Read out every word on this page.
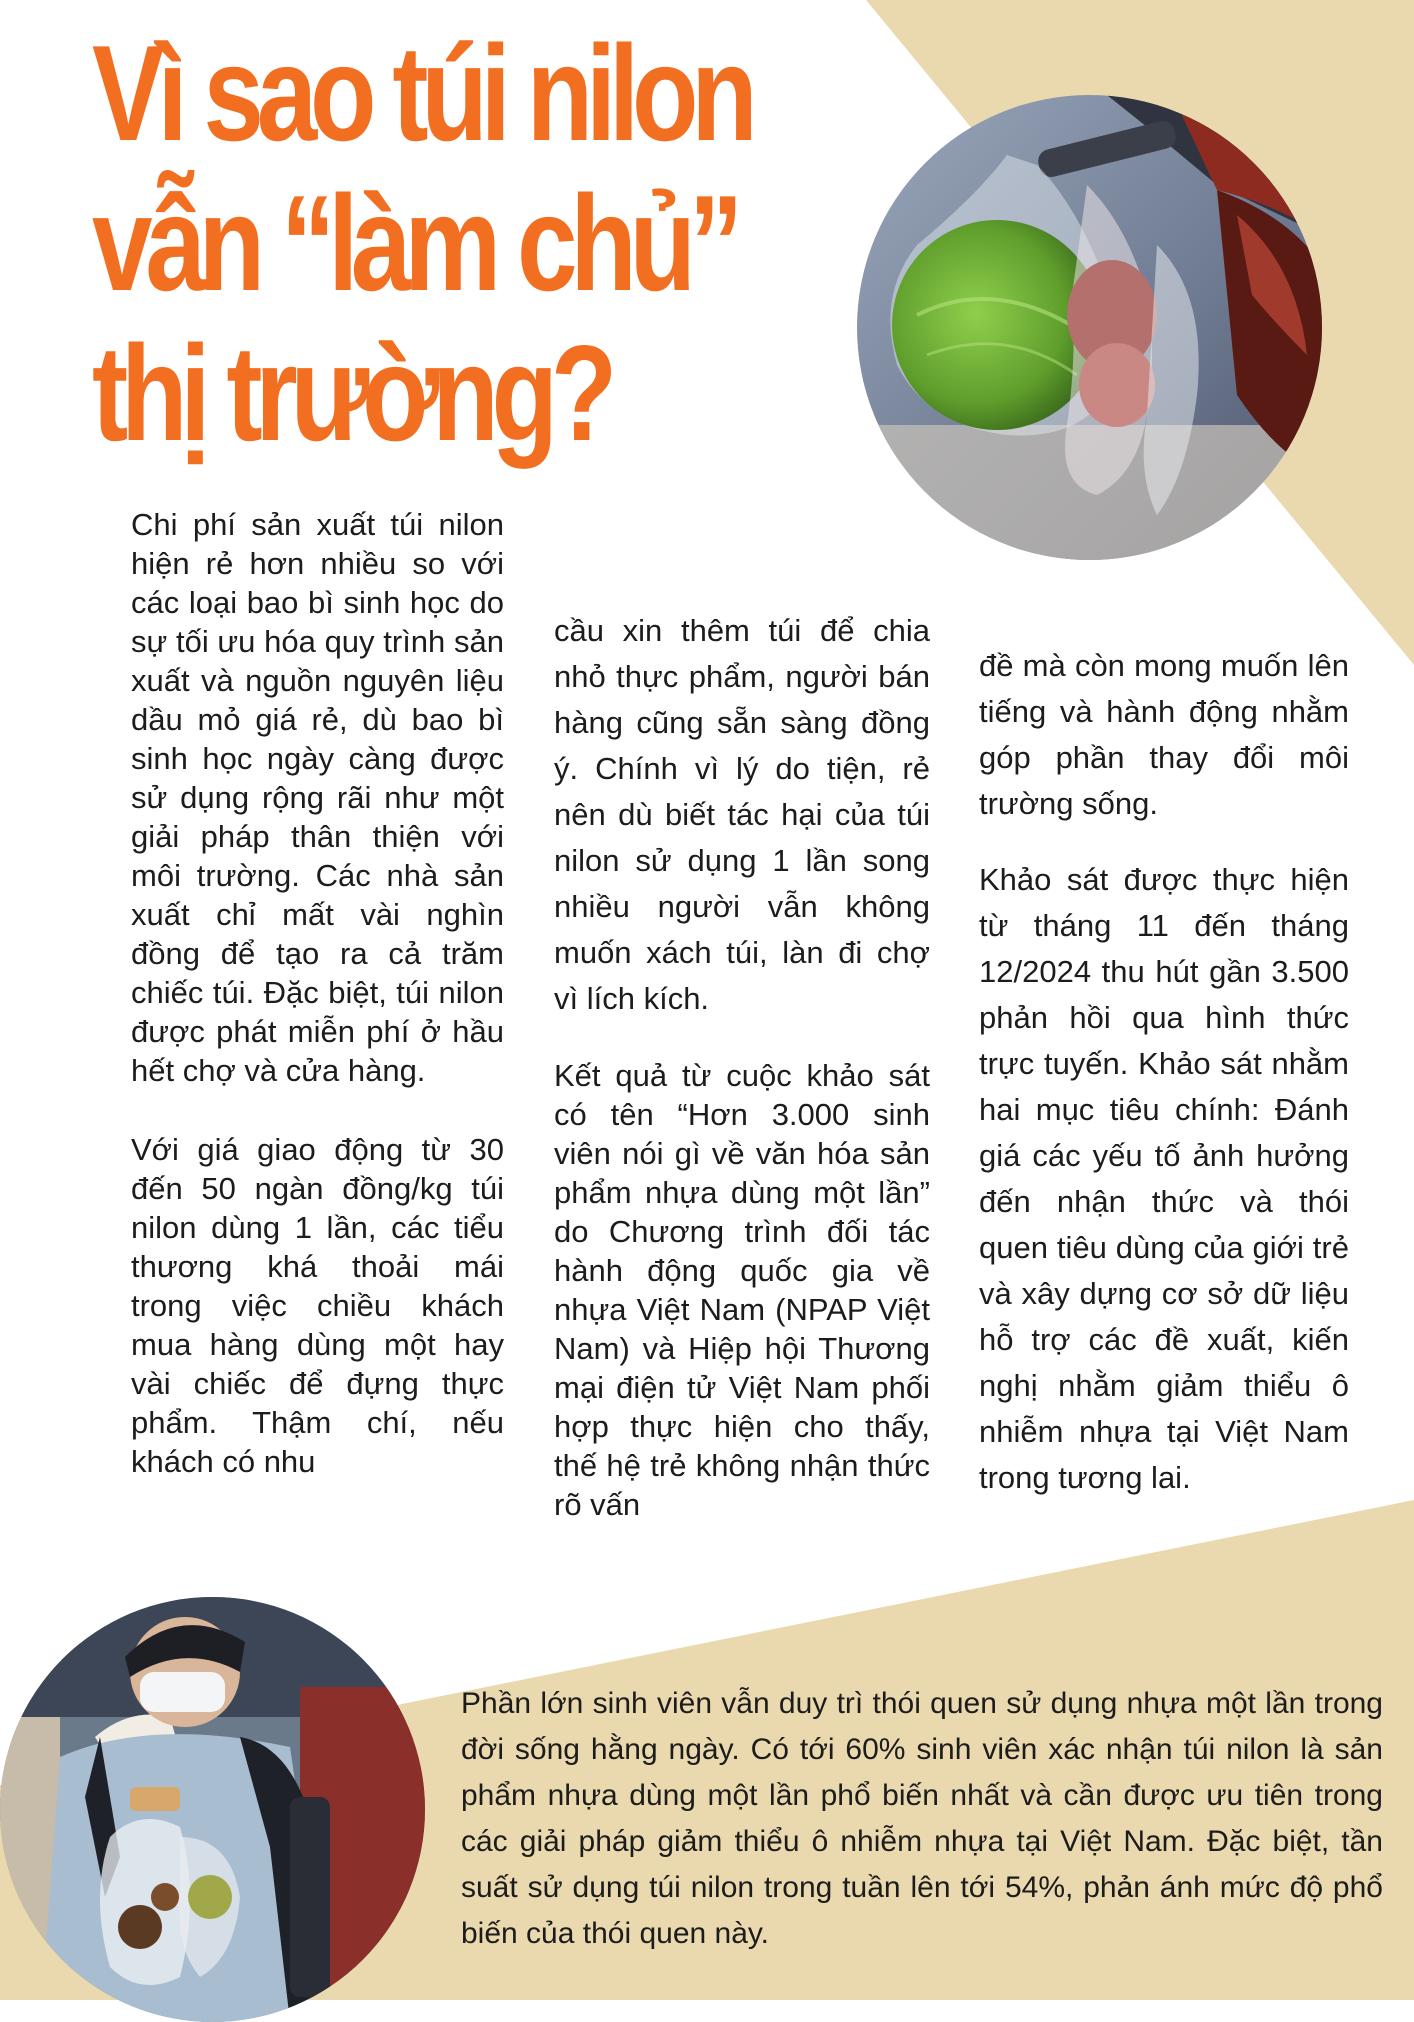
Vì sao túi nilon
vẫn “làm chủ”
thị trường?

Chi phí sản xuất túi nilon hiện rẻ hơn nhiều so với các loại bao bì sinh học do sự tối ưu hóa quy trình sản xuất và nguồn nguyên liệu dầu mỏ giá rẻ, dù bao bì sinh học ngày càng được sử dụng rộng rãi như một giải pháp thân thiện với môi trường. Các nhà sản xuất chỉ mất vài nghìn đồng để tạo ra cả trăm chiếc túi. Đặc biệt, túi nilon được phát miễn phí ở hầu hết chợ và cửa hàng.

Với giá giao động từ 30 đến 50 ngàn đồng/kg túi nilon dùng 1 lần, các tiểu thương khá thoải mái trong việc chiều khách mua hàng dùng một hay vài chiếc để đựng thực phẩm. Thậm chí, nếu khách có nhu

cầu xin thêm túi để chia nhỏ thực phẩm, người bán hàng cũng sẵn sàng đồng ý. Chính vì lý do tiện, rẻ nên dù biết tác hại của túi nilon sử dụng 1 lần song nhiều người vẫn không muốn xách túi, làn đi chợ vì lích kích.

Kết quả từ cuộc khảo sát có tên “Hơn 3.000 sinh viên nói gì về văn hóa sản phẩm nhựa dùng một lần” do Chương trình đối tác hành động quốc gia về nhựa Việt Nam (NPAP Việt Nam) và Hiệp hội Thương mại điện tử Việt Nam phối hợp thực hiện cho thấy, thế hệ trẻ không nhận thức rõ vấn

đề mà còn mong muốn lên tiếng và hành động nhằm góp phần thay đổi môi trường sống.

Khảo sát được thực hiện từ tháng 11 đến tháng 12/2024 thu hút gần 3.500 phản hồi qua hình thức trực tuyến. Khảo sát nhằm hai mục tiêu chính: Đánh giá các yếu tố ảnh hưởng đến nhận thức và thói quen tiêu dùng của giới trẻ và xây dựng cơ sở dữ liệu hỗ trợ các đề xuất, kiến nghị nhằm giảm thiểu ô nhiễm nhựa tại Việt Nam trong tương lai.

Phần lớn sinh viên vẫn duy trì thói quen sử dụng nhựa một lần trong đời sống hằng ngày. Có tới 60% sinh viên xác nhận túi nilon là sản phẩm nhựa dùng một lần phổ biến nhất và cần được ưu tiên trong các giải pháp giảm thiểu ô nhiễm nhựa tại Việt Nam. Đặc biệt, tần suất sử dụng túi nilon trong tuần lên tới 54%, phản ánh mức độ phổ biến của thói quen này.
